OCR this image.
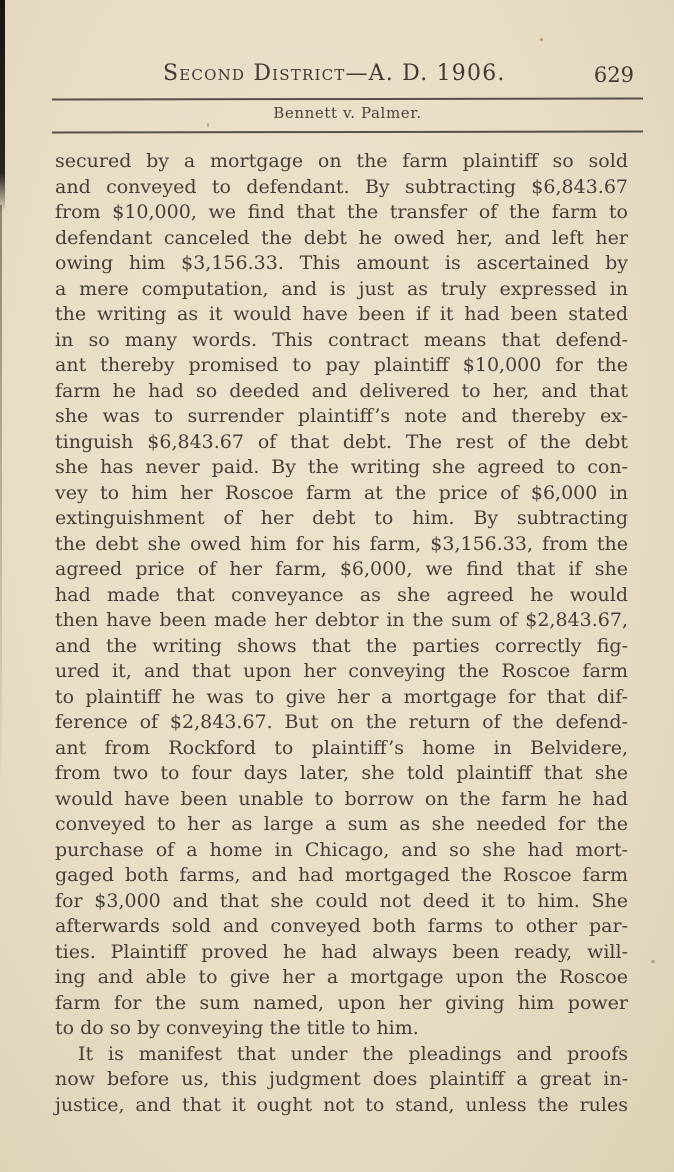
Second District—A. D. 1906.	629
Bennett v. Palmer.
secured by a mortgage on the farm plaintiff so sold
and conveyed to defendant. By subtracting $6,843.67
from $10,000, we find that the transfer of the farm to
defendant canceled the debt he owed her, and left her
owing him $3,156.33. This amount is ascertained by
a mere computation, and is just as truly expressed in
the writing as it would have been if it had been stated
in so many words. This contract means that defend-
ant thereby promised to pay plaintiff $10,000 for the
farm he had so deeded and delivered to her, and that
she was to surrender plaintiff’s note and thereby ex-
tinguish $6,843.67 of that debt. The rest of the debt
she has never paid. By the writing she agreed to con-
vey to him her Roscoe farm at the price of $6,000 in
extinguishment of her debt to him. By subtracting
the debt she owed him for his farm, $3,156.33, from the
agreed price of her farm, $6,000, we find that if she
had made that conveyance as she agreed he would
then have been made her debtor in the sum of $2,843.67,
and the writing shows that the parties correctly fig-
ured it, and that upon her conveying the Roscoe farm
to plaintiff he was to give her a mortgage for that dif-
ference of $2,843.67. But on the return of the defend-
ant from Rockford to plaintiff’s home in Belvidere,
from two to four days later, she told plaintiff that she
would have been unable to borrow on the farm he had
conveyed to her as large a sum as she needed for the
purchase of a home in Chicago, and so she had mort-
gaged both farms, and had mortgaged the Roscoe farm
for $3,000 and that she could not deed it to him. She
afterwards sold and conveyed both farms to other par-
ties. Plaintiff proved he had always been ready, will-
ing and able to give her a mortgage upon the Roscoe
farm for the sum named, upon her giving him power
to do so by conveying the title to him.
It is manifest that under the pleadings and proofs
now before us, this judgment does plaintiff a great in-
justice, and that it ought not to stand, unless the rules
